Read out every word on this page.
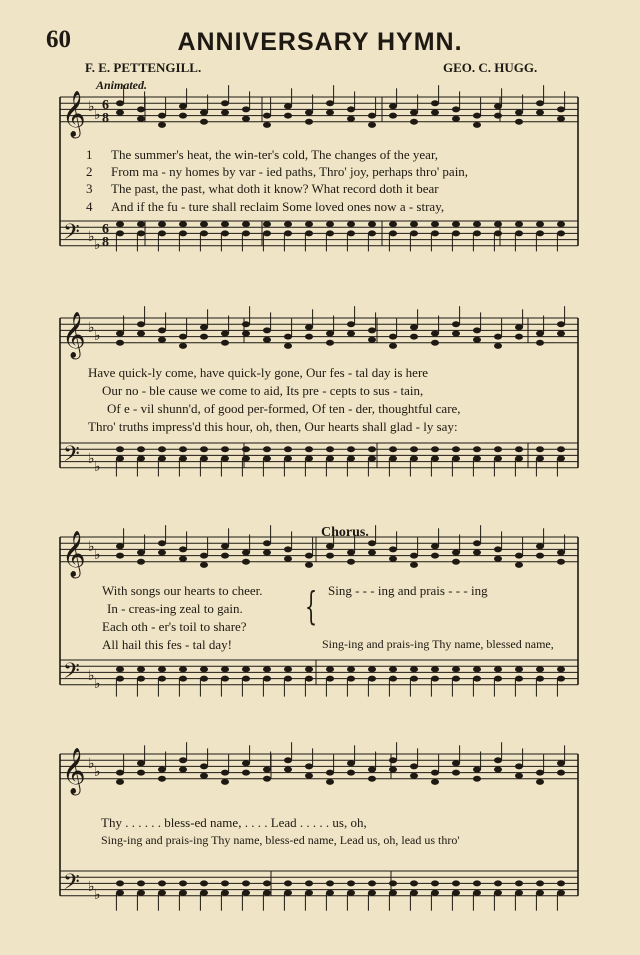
60	ANNIVERSARY HYMN.
F. E. PETTENGILL.	GEO. C. HUGG.
Animated.
𝄞
𝄢
♭
♭
♭
♭
6
8
6
8
𝄞
𝄢
♭
♭
♭
♭
𝄞
𝄢
♭
♭
♭
♭
𝄞
𝄢
♭
♭
♭
♭
1
2
3
4
The summer's heat, the win-ter's cold, The changes of the year,
From ma - ny homes by var - ied paths, Thro' joy, perhaps thro' pain,
The past, the past, what doth it know? What record doth it bear
And if the fu - ture shall reclaim Some loved ones now a - stray,
Have quick-ly come, have quick-ly gone, Our fes - tal day is here
Our no - ble cause we come to aid, Its pre - cepts to sus - tain,
Of e - vil shunn'd, of good per-formed, Of ten - der, thoughtful care,
Thro' truths impress'd this hour, oh, then, Our hearts shall glad - ly say:
Chorus.
With songs our hearts to cheer.
In - creas-ing zeal to gain.
Each oth - er's toil to share?
All hail this fes - tal day!
{ Sing - - - ing and prais - - - ing
Sing-ing and prais-ing Thy name, blessed name,
Thy . . . . . . bless-ed name, . . . . Lead . . . . . us, oh,
Sing-ing and prais-ing Thy name, bless-ed name, Lead us, oh, lead us thro'
